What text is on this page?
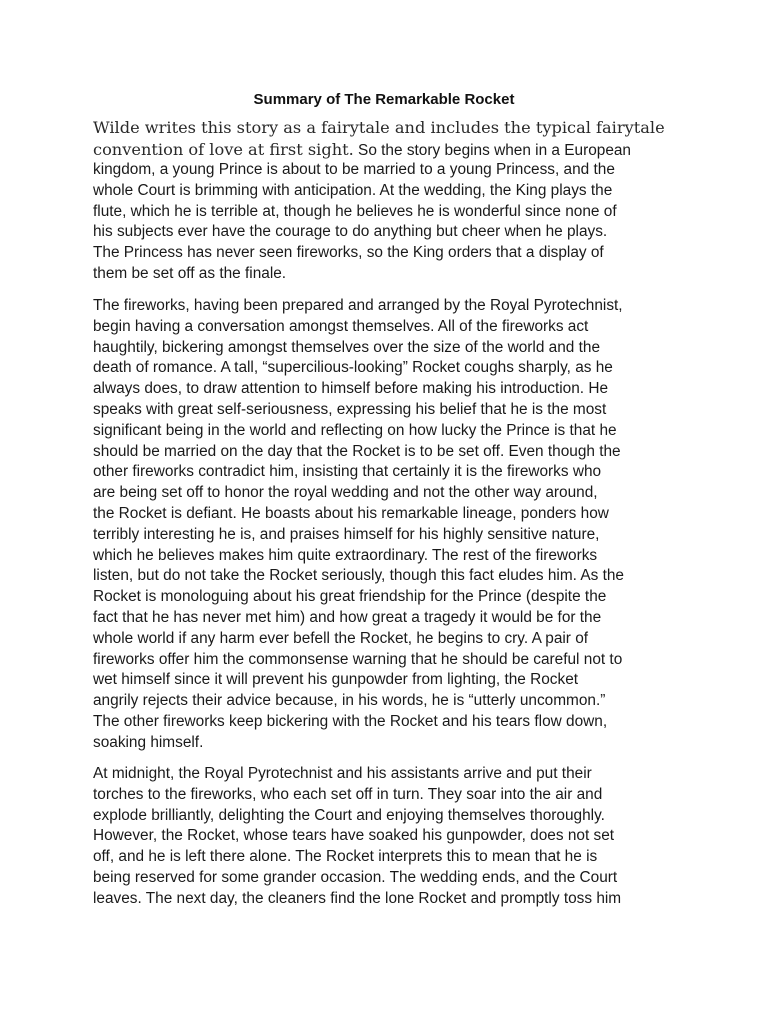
Summary of The Remarkable Rocket
Wilde writes this story as a fairytale and includes the typical fairytale
convention of love at first sight. So the story begins when in a European
kingdom, a young Prince is about to be married to a young Princess, and the
whole Court is brimming with anticipation. At the wedding, the King plays the
flute, which he is terrible at, though he believes he is wonderful since none of
his subjects ever have the courage to do anything but cheer when he plays.
The Princess has never seen fireworks, so the King orders that a display of
them be set off as the finale.
The fireworks, having been prepared and arranged by the Royal Pyrotechnist,
begin having a conversation amongst themselves. All of the fireworks act
haughtily, bickering amongst themselves over the size of the world and the
death of romance. A tall, “supercilious-looking” Rocket coughs sharply, as he
always does, to draw attention to himself before making his introduction. He
speaks with great self-seriousness, expressing his belief that he is the most
significant being in the world and reflecting on how lucky the Prince is that he
should be married on the day that the Rocket is to be set off. Even though the
other fireworks contradict him, insisting that certainly it is the fireworks who
are being set off to honor the royal wedding and not the other way around,
the Rocket is defiant. He boasts about his remarkable lineage, ponders how
terribly interesting he is, and praises himself for his highly sensitive nature,
which he believes makes him quite extraordinary. The rest of the fireworks
listen, but do not take the Rocket seriously, though this fact eludes him. As the
Rocket is monologuing about his great friendship for the Prince (despite the
fact that he has never met him) and how great a tragedy it would be for the
whole world if any harm ever befell the Rocket, he begins to cry. A pair of
fireworks offer him the commonsense warning that he should be careful not to
wet himself since it will prevent his gunpowder from lighting, the Rocket
angrily rejects their advice because, in his words, he is “utterly uncommon.”
The other fireworks keep bickering with the Rocket and his tears flow down,
soaking himself.
At midnight, the Royal Pyrotechnist and his assistants arrive and put their
torches to the fireworks, who each set off in turn. They soar into the air and
explode brilliantly, delighting the Court and enjoying themselves thoroughly.
However, the Rocket, whose tears have soaked his gunpowder, does not set
off, and he is left there alone. The Rocket interprets this to mean that he is
being reserved for some grander occasion. The wedding ends, and the Court
leaves. The next day, the cleaners find the lone Rocket and promptly toss him
